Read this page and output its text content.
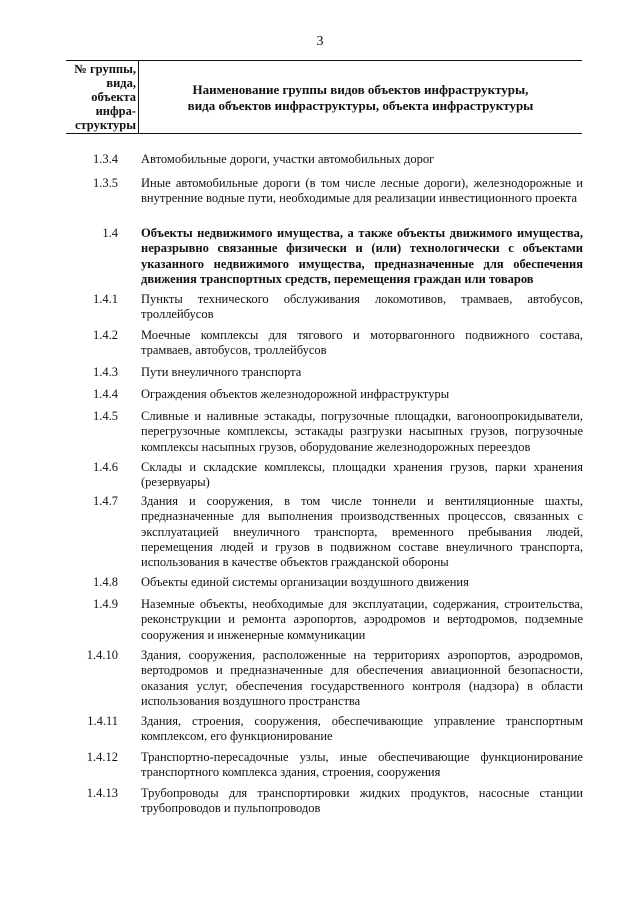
3
№ группы,
вида,
объекта
инфра-
структуры
Наименование группы видов объектов инфраструктуры,
вида объектов инфраструктуры, объекта инфраструктуры
1.3.4 Автомобильные дороги, участки автомобильных дорог
1.3.5 Иные автомобильные дороги (в том числе лесные дороги), железнодорожные и внутренние водные пути, необходимые для реализации инвестиционного проекта
1.4 Объекты недвижимого имущества, а также объекты движимого имущества, неразрывно связанные физически и (или) технологически с объектами указанного недвижимого имущества, предназначенные для обеспечения движения транспортных средств, перемещения граждан или товаров
1.4.1 Пункты технического обслуживания локомотивов, трамваев, автобусов, троллейбусов
1.4.2 Моечные комплексы для тягового и моторвагонного подвижного состава, трамваев, автобусов, троллейбусов
1.4.3 Пути внеуличного транспорта
1.4.4 Ограждения объектов железнодорожной инфраструктуры
1.4.5 Сливные и наливные эстакады, погрузочные площадки, вагоноопрокидыватели, перегрузочные комплексы, эстакады разгрузки насыпных грузов, погрузочные комплексы насыпных грузов, оборудование железнодорожных переездов
1.4.6 Склады и складские комплексы, площадки хранения грузов, парки хранения (резервуары)
1.4.7 Здания и сооружения, в том числе тоннели и вентиляционные шахты, предназначенные для выполнения производственных процессов, связанных с эксплуатацией внеуличного транспорта, временного пребывания людей, перемещения людей и грузов в подвижном составе внеуличного транспорта, использования в качестве объектов гражданской обороны
1.4.8 Объекты единой системы организации воздушного движения
1.4.9 Наземные объекты, необходимые для эксплуатации, содержания, строительства, реконструкции и ремонта аэропортов, аэродромов и вертодромов, подземные сооружения и инженерные коммуникации
1.4.10 Здания, сооружения, расположенные на территориях аэропортов, аэродромов, вертодромов и предназначенные для обеспечения авиационной безопасности, оказания услуг, обеспечения государственного контроля (надзора) в области использования воздушного пространства
1.4.11 Здания, строения, сооружения, обеспечивающие управление транспортным комплексом, его функционирование
1.4.12 Транспортно-пересадочные узлы, иные обеспечивающие функционирование транспортного комплекса здания, строения, сооружения
1.4.13 Трубопроводы для транспортировки жидких продуктов, насосные станции трубопроводов и пульпопроводов
